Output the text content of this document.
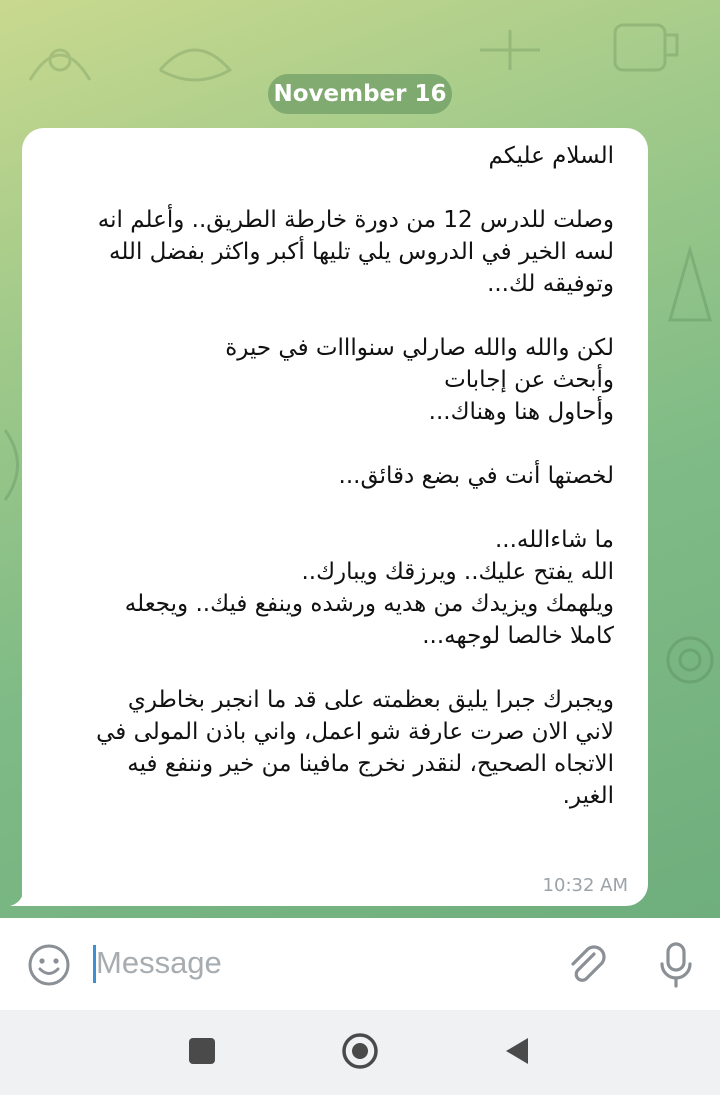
November 16
السلام عليكم

وصلت للدرس 12 من دورة خارطة الطريق.. وأعلم انه
لسه الخير في الدروس يلي تليها أكبر واكثر بفضل الله
وتوفيقه لك...

لكن والله والله صارلي سنوااات في حيرة
وأبحث عن إجابات
وأحاول هنا وهناك...

لخصتها أنت في بضع دقائق...

ما شاءالله...
الله يفتح عليك.. ويرزقك ويبارك..
ويلهمك ويزيدك من هديه ورشده وينفع فيك.. ويجعله
كاملا خالصا لوجهه...

ويجبرك جبرا يليق بعظمته على قد ما انجبر بخاطري
لاني الان صرت عارفة شو اعمل، واني باذن المولى في
الاتجاه الصحيح، لنقدر نخرج مافينا من خير وننفع فيه
الغير.
10:32 AM
Message
